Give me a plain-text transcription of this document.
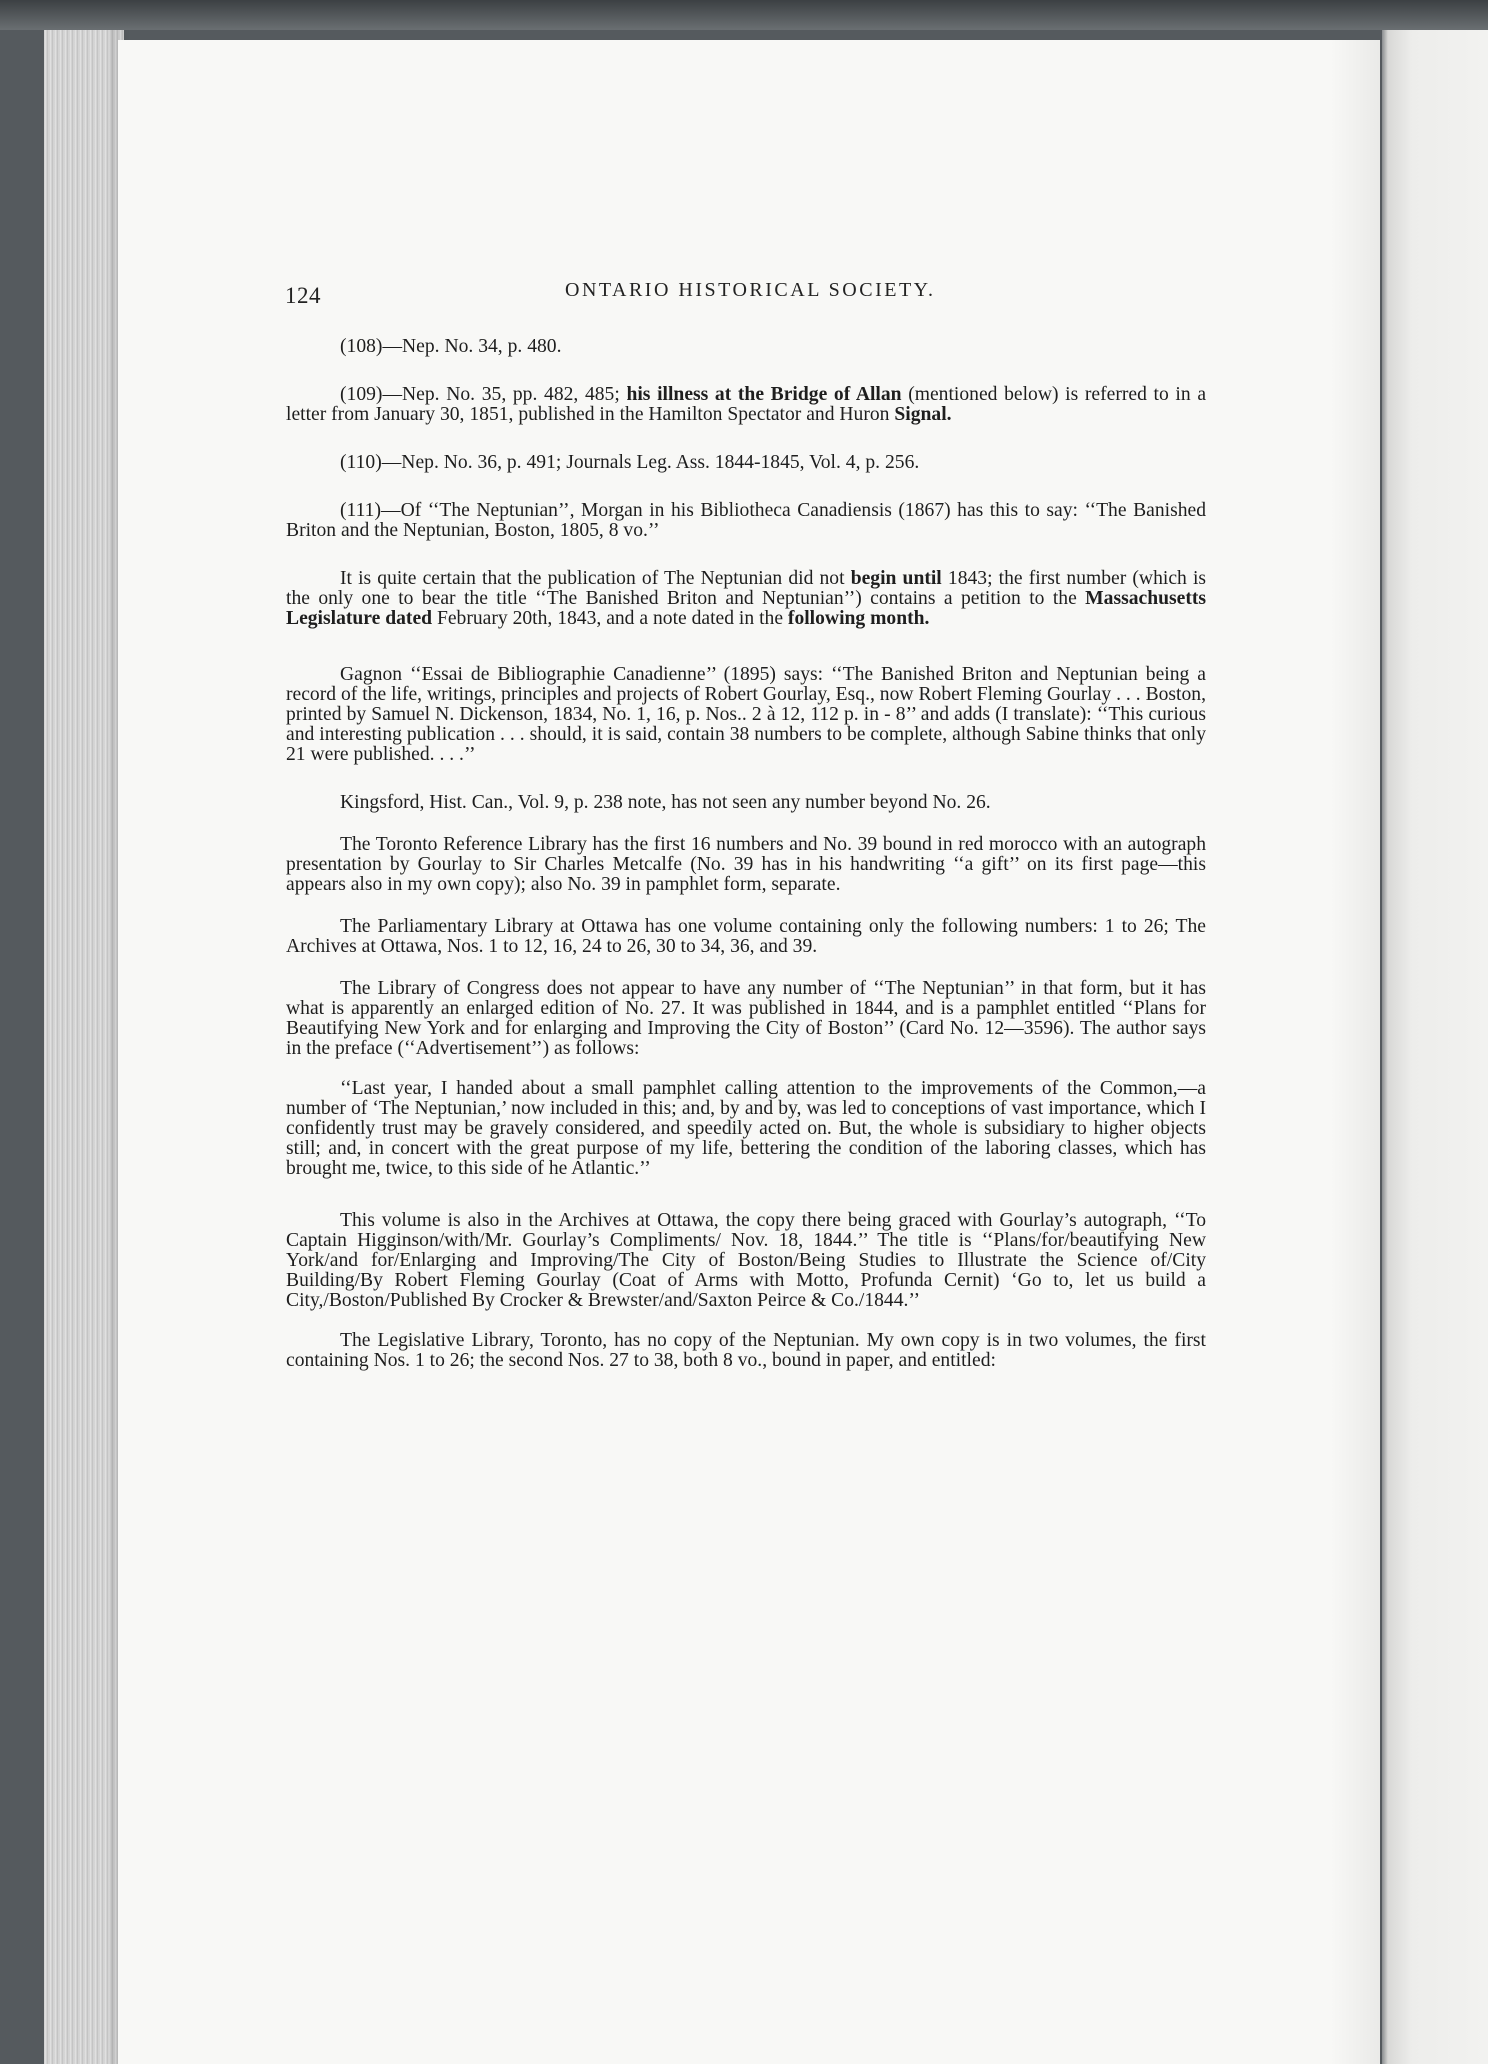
124	ONTARIO HISTORICAL SOCIETY.

(108)—Nep. No. 34, p. 480.

(109)—Nep. No. 35, pp. 482, 485; his illness at the Bridge of Allan (mentioned below) is referred to in a letter from January 30, 1851, published in the Hamilton Spectator and Huron Signal.

(110)—Nep. No. 36, p. 491; Journals Leg. Ass. 1844-1845, Vol. 4, p. 256.

(111)—Of ‘‘The Neptunian’’, Morgan in his Bibliotheca Canadiensis (1867) has this to say: ‘‘The Banished Briton and the Neptunian, Boston, 1805, 8 vo.’’

It is quite certain that the publication of The Neptunian did not begin until 1843; the first number (which is the only one to bear the title ‘‘The Banished Briton and Neptunian’’) contains a petition to the Massachusetts Legislature dated February 20th, 1843, and a note dated in the following month.

Gagnon ‘‘Essai de Bibliographie Canadienne’’ (1895) says: ‘‘The Banished Briton and Neptunian being a record of the life, writings, principles and projects of Robert Gourlay, Esq., now Robert Fleming Gourlay . . . Boston, printed by Samuel N. Dickenson, 1834, No. 1, 16, p. Nos.. 2 à 12, 112 p. in - 8’’ and adds (I translate): ‘‘This curious and interesting publication . . . should, it is said, contain 38 numbers to be complete, although Sabine thinks that only 21 were published. . . .’’

Kingsford, Hist. Can., Vol. 9, p. 238 note, has not seen any number beyond No. 26.

The Toronto Reference Library has the first 16 numbers and No. 39 bound in red morocco with an autograph presentation by Gourlay to Sir Charles Metcalfe (No. 39 has in his handwriting ‘‘a gift’’ on its first page—this appears also in my own copy); also No. 39 in pamphlet form, separate.

The Parliamentary Library at Ottawa has one volume containing only the following numbers: 1 to 26; The Archives at Ottawa, Nos. 1 to 12, 16, 24 to 26, 30 to 34, 36, and 39.

The Library of Congress does not appear to have any number of ‘‘The Neptunian’’ in that form, but it has what is apparently an enlarged edition of No. 27. It was published in 1844, and is a pamphlet entitled ‘‘Plans for Beautifying New York and for enlarging and Improving the City of Boston’’ (Card No. 12—3596). The author says in the preface (‘‘Advertisement’’) as follows:

‘‘Last year, I handed about a small pamphlet calling attention to the improvements of the Common,—a number of ‘The Neptunian,’ now included in this; and, by and by, was led to conceptions of vast importance, which I confidently trust may be gravely considered, and speedily acted on. But, the whole is subsidiary to higher objects still; and, in concert with the great purpose of my life, bettering the condition of the laboring classes, which has brought me, twice, to this side of he Atlantic.’’

This volume is also in the Archives at Ottawa, the copy there being graced with Gourlay’s autograph, ‘‘To Captain Higginson/with/Mr. Gourlay’s Compliments/ Nov. 18, 1844.’’ The title is ‘‘Plans/for/beautifying New York/and for/Enlarging and Improving/The City of Boston/Being Studies to Illustrate the Science of/City Building/By Robert Fleming Gourlay (Coat of Arms with Motto, Profunda Cernit) ‘Go to, let us build a City,/Boston/Published By Crocker & Brewster/and/Saxton Peirce & Co./1844.’’

The Legislative Library, Toronto, has no copy of the Neptunian. My own copy is in two volumes, the first containing Nos. 1 to 26; the second Nos. 27 to 38, both 8 vo., bound in paper, and entitled:
